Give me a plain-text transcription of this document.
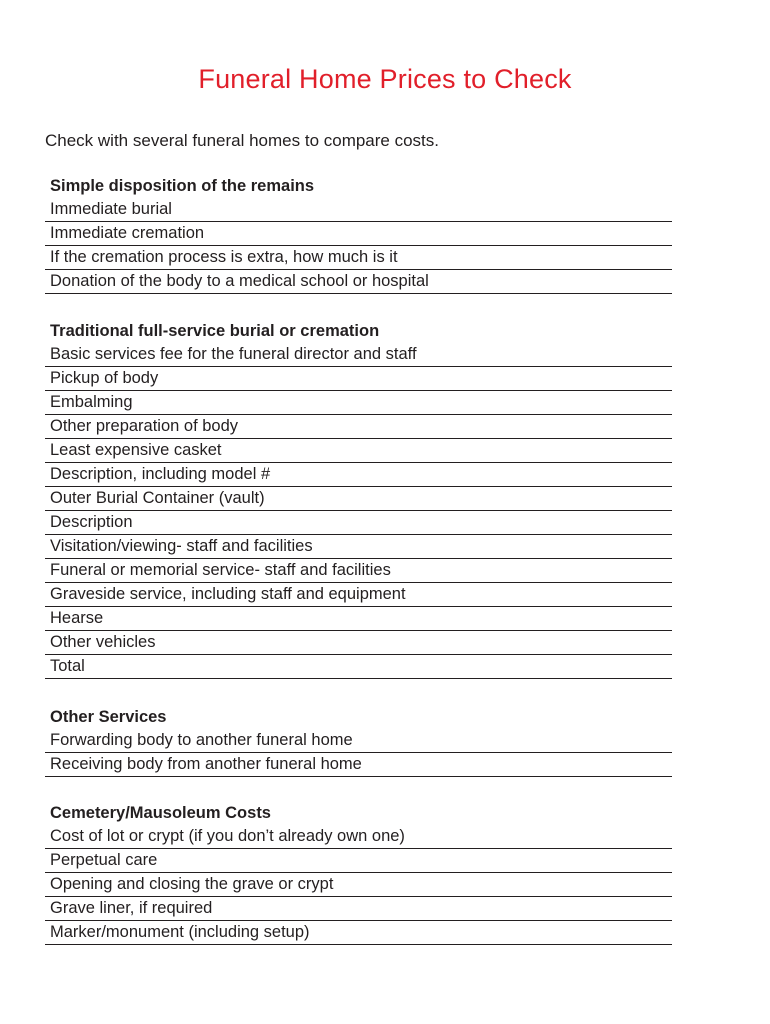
Funeral Home Prices to Check

Check with several funeral homes to compare costs.

Simple disposition of the remains
Immediate burial
Immediate cremation
If the cremation process is extra, how much is it
Donation of the body to a medical school or hospital
Traditional full-service burial or cremation
Basic services fee for the funeral director and staff
Pickup of body
Embalming
Other preparation of body
Least expensive casket
Description, including model #
Outer Burial Container (vault)
Description
Visitation/viewing- staff and facilities
Funeral or memorial service- staff and facilities
Graveside service, including staff and equipment
Hearse
Other vehicles
Total
Other Services
Forwarding body to another funeral home
Receiving body from another funeral home
Cemetery/Mausoleum Costs
Cost of lot or crypt (if you don’t already own one)
Perpetual care
Opening and closing the grave or crypt
Grave liner, if required
Marker/monument (including setup)
